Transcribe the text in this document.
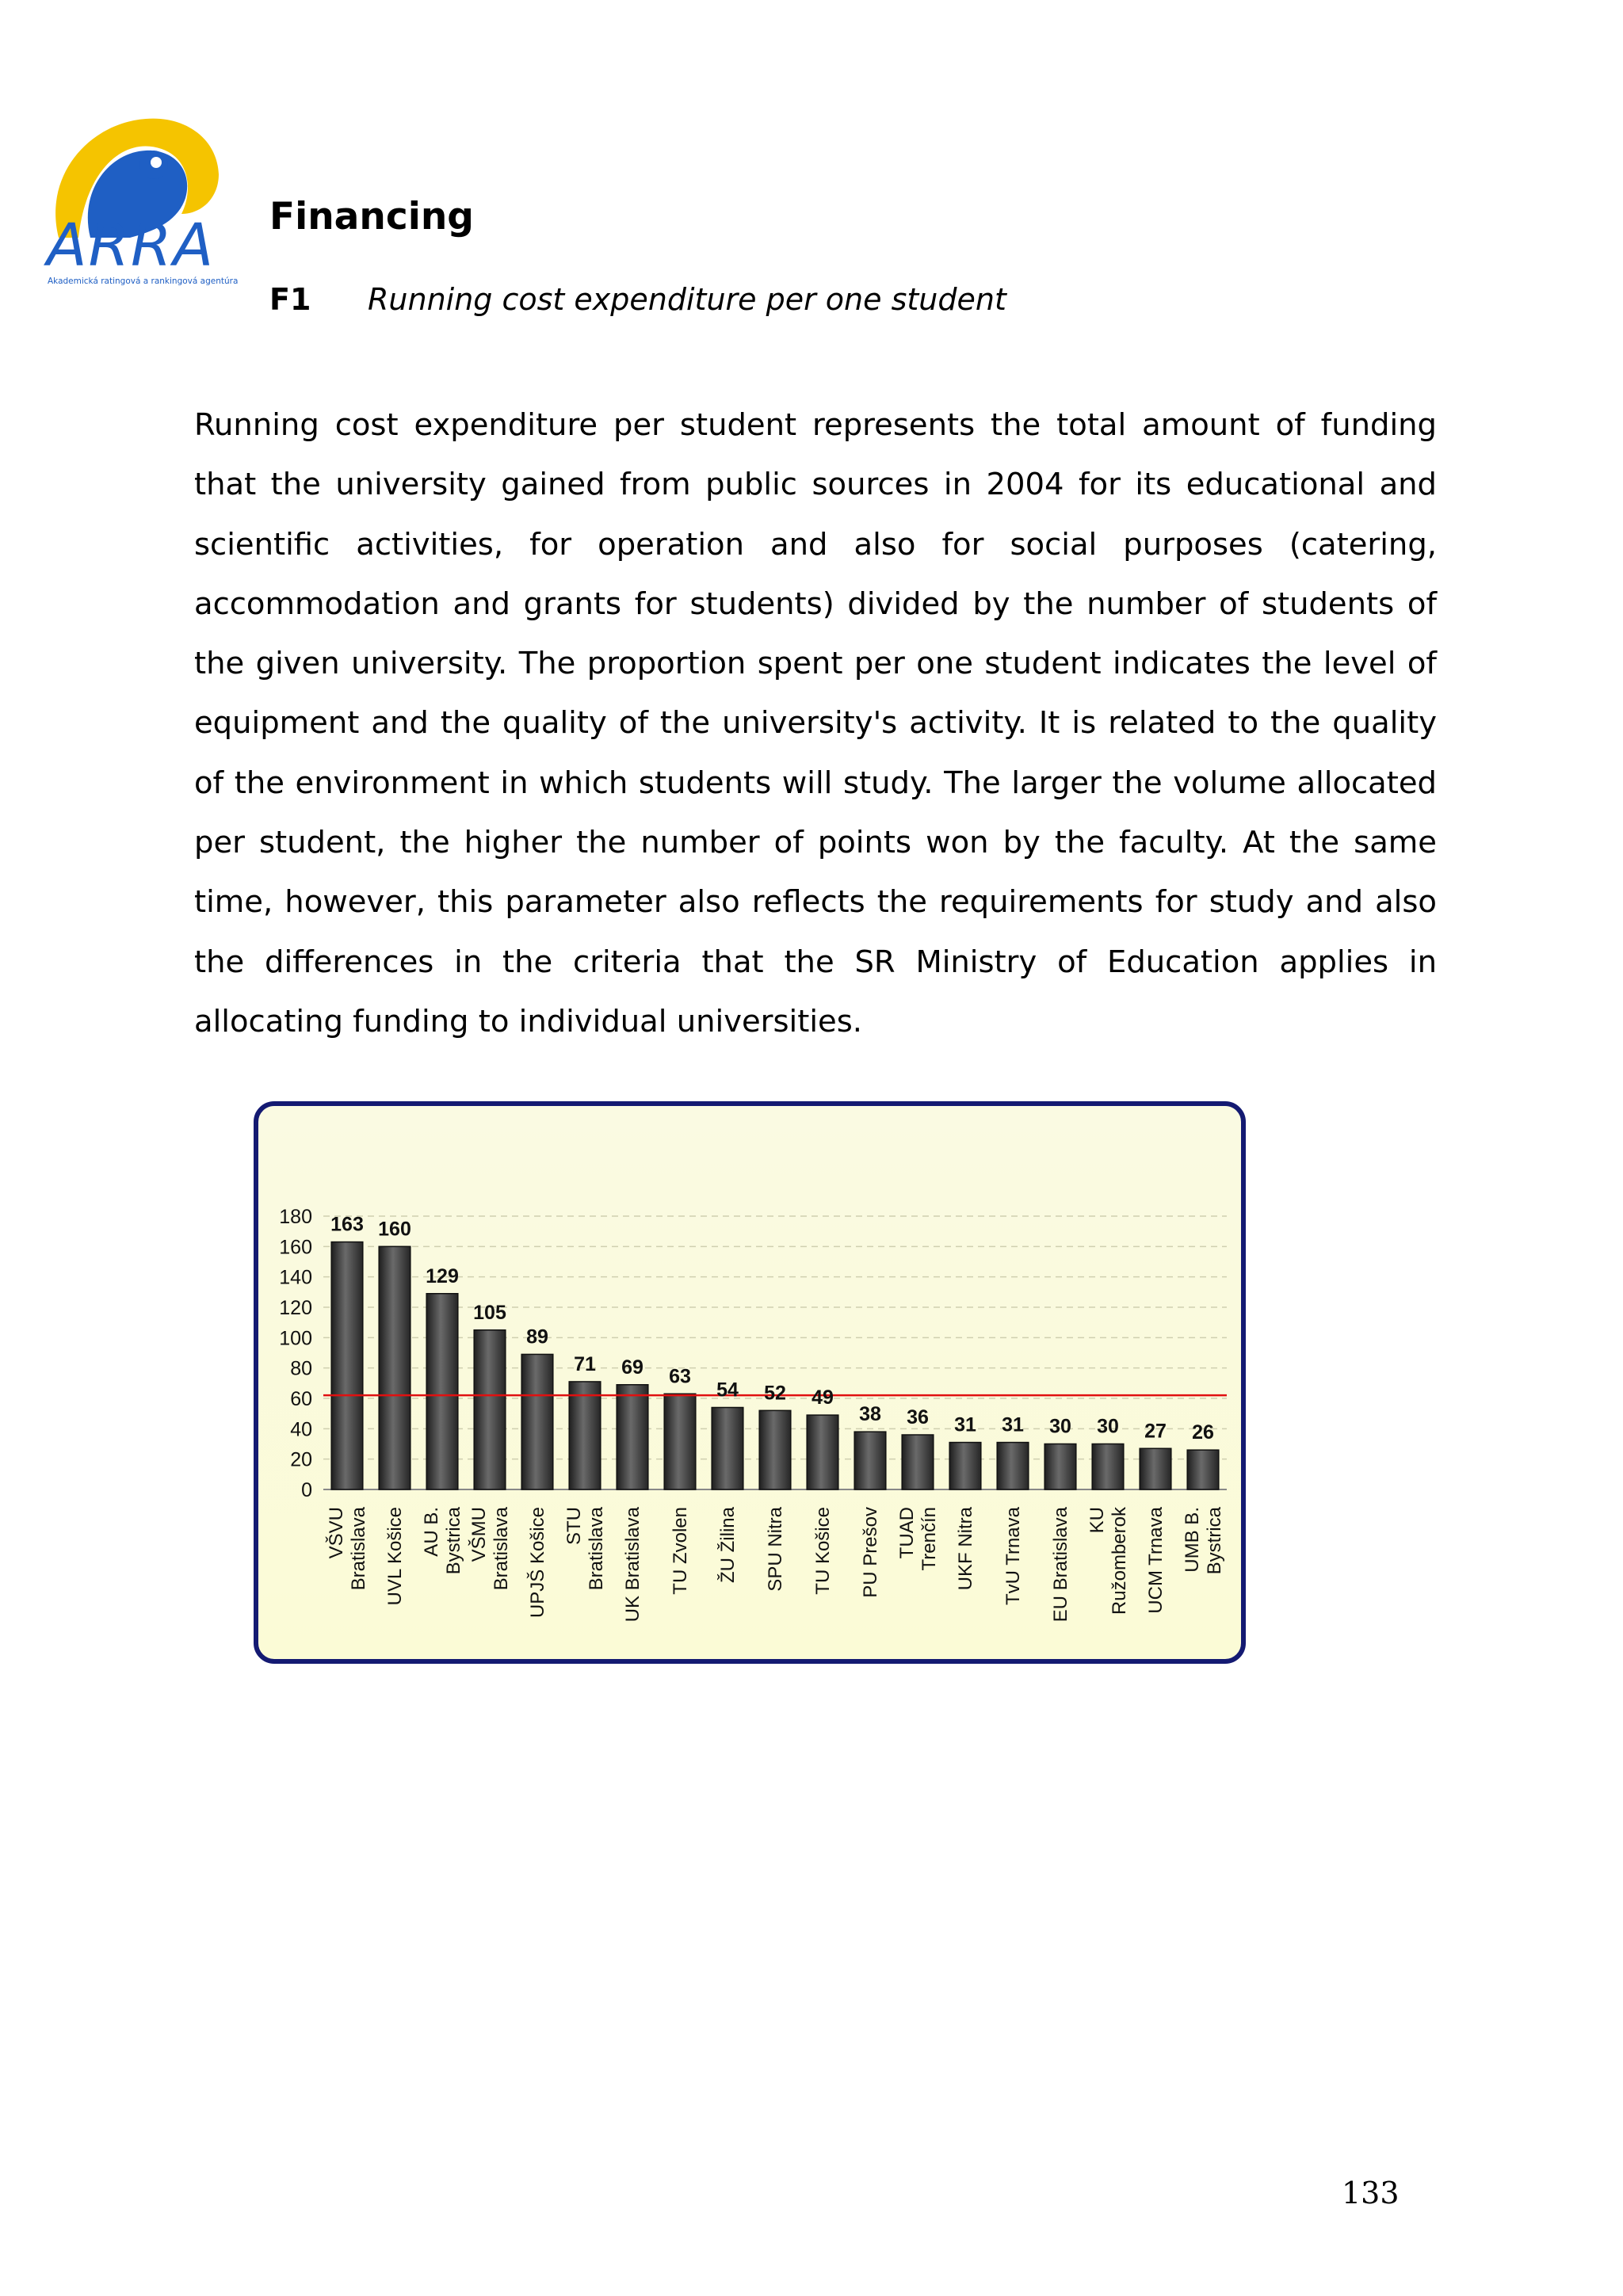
ARRA
Akademická ratingová a rankingová agentúra
Financing
F1 Running cost expenditure per one student

Running cost expenditure per student represents the total amount of funding that the university gained from public sources in 2004 for its educational and scientific activities, for operation and also for social purposes (catering, accommodation and grants for students) divided by the number of students of the given university. The proportion spent per one student indicates the level of equipment and the quality of the university's activity. It is related to the quality of the environment in which students will study. The larger the volume allocated per student, the higher the number of points won by the faculty. At the same time, however, this parameter also reflects the requirements for study and also the differences in the criteria that the SR Ministry of Education applies in allocating funding to individual universities.

0
20
40
60
80
100
120
140
160
180 163 160
129
105
89
71 69 63
54 52 49
38 36 31 31 30 30 27 26
VŠVU Bratislava UVL Košice AU B. Bystrica VŠMU Bratislava UPJŠ Košice STU Bratislava UK Bratislava TU Zvolen ŽU Žilina SPU Nitra TU Košice PU Prešov TUAD Trenčín UKF Nitra TvU Trnava EU Bratislava KU Ružomberok UCM Trnava UMB B. Bystrica
133
